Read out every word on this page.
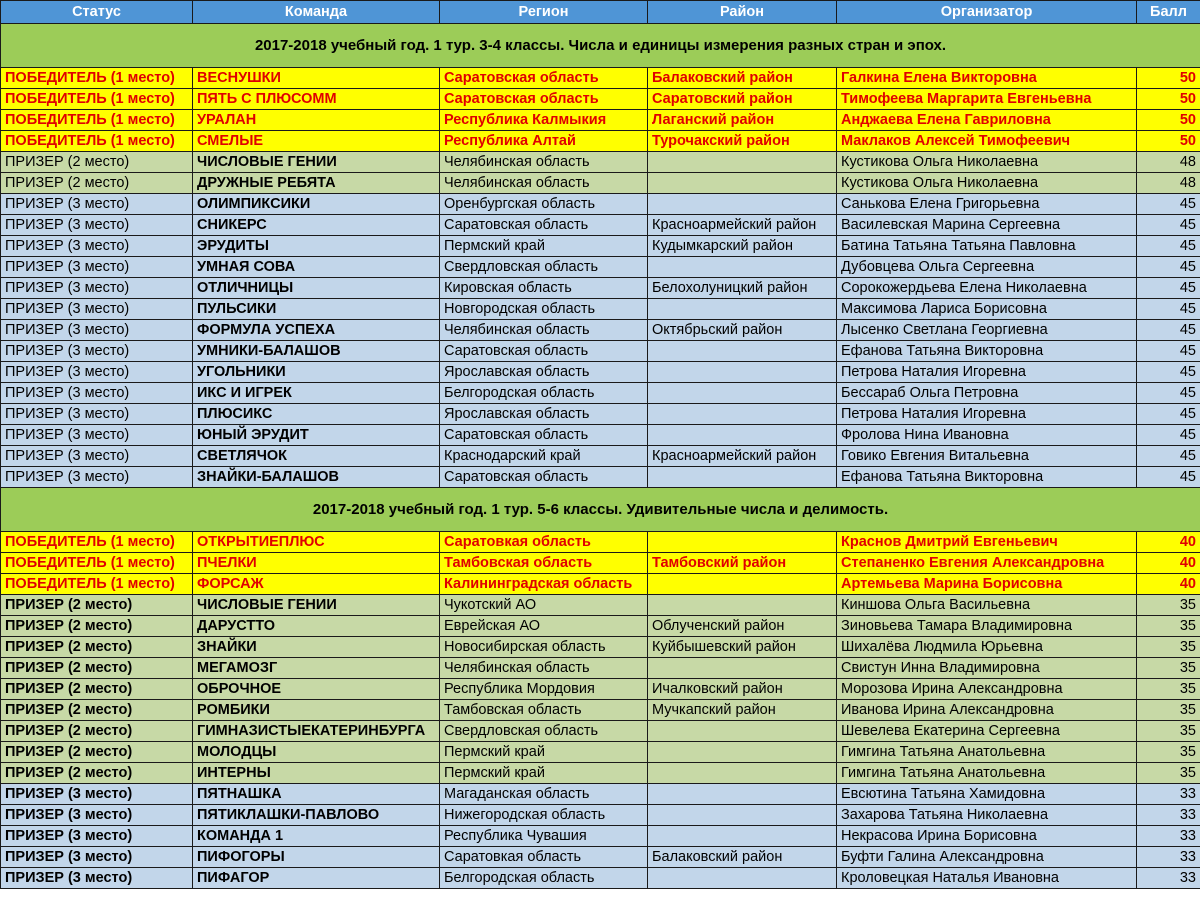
Статус	Команда	Регион	Район	Организатор	Балл
2017-2018 учебный год. 1 тур. 3-4 классы. Числа и единицы измерения разных стран и эпох.					
ПОБЕДИТЕЛЬ (1 место)	ВЕСНУШКИ	Саратовская область	Балаковский район	Галкина Елена Викторовна	50
ПОБЕДИТЕЛЬ (1 место)	ПЯТЬ С ПЛЮСОММ	Саратовская область	Саратовский район	Тимофеева Маргарита Евгеньевна	50
ПОБЕДИТЕЛЬ (1 место)	УРАЛАН	Республика Калмыкия	Лаганский район	Анджаева Елена Гавриловна	50
ПОБЕДИТЕЛЬ (1 место)	СМЕЛЫЕ	Республика Алтай	Турочакский район	Маклаков Алексей Тимофеевич	50
ПРИЗЕР (2 место)	ЧИСЛОВЫЕ ГЕНИИ	Челябинская область		Кустикова Ольга Николаевна	48
ПРИЗЕР (2 место)	ДРУЖНЫЕ РЕБЯТА	Челябинская область		Кустикова Ольга Николаевна	48
ПРИЗЕР (3 место)	ОЛИМПИКСИКИ	Оренбургская область		Санькова Елена Григорьевна	45
ПРИЗЕР (3 место)	СНИКЕРС	Саратовская область	Красноармейский район	Василевская Марина Сергеевна	45
ПРИЗЕР (3 место)	ЭРУДИТЫ	Пермский край	Кудымкарский район	Батина Татьяна Татьяна Павловна	45
ПРИЗЕР (3 место)	УМНАЯ СОВА	Свердловская область		Дубовцева Ольга Сергеевна	45
ПРИЗЕР (3 место)	ОТЛИЧНИЦЫ	Кировская область	Белохолуницкий район	Сорокожердьева Елена Николаевна	45
ПРИЗЕР (3 место)	ПУЛЬСИКИ	Новгородская область		Максимова Лариса Борисовна	45
ПРИЗЕР (3 место)	ФОРМУЛА УСПЕХА	Челябинская область	Октябрьский район	Лысенко Светлана Георгиевна	45
ПРИЗЕР (3 место)	УМНИКИ-БАЛАШОВ	Саратовская область		Ефанова Татьяна Викторовна	45
ПРИЗЕР (3 место)	УГОЛЬНИКИ	Ярославская область		Петрова Наталия Игоревна	45
ПРИЗЕР (3 место)	ИКС И ИГРЕК	Белгородская область		Бессараб Ольга Петровна	45
ПРИЗЕР (3 место)	ПЛЮСИКС	Ярославская область		Петрова Наталия Игоревна	45
ПРИЗЕР (3 место)	ЮНЫЙ ЭРУДИТ	Саратовская область		Фролова Нина Ивановна	45
ПРИЗЕР (3 место)	СВЕТЛЯЧОК	Краснодарский край	Красноармейский район	Говико Евгения Витальевна	45
ПРИЗЕР (3 место)	ЗНАЙКИ-БАЛАШОВ	Саратовская область		Ефанова Татьяна Викторовна	45
2017-2018 учебный год. 1 тур. 5-6 классы. Удивительные числа и делимость.					
ПОБЕДИТЕЛЬ (1 место)	ОТКРЫТИЕПЛЮС	Саратовкая область		Краснов Дмитрий Евгеньевич	40
ПОБЕДИТЕЛЬ (1 место)	ПЧЕЛКИ	Тамбовская область	Тамбовский район	Степаненко Евгения Александровна	40
ПОБЕДИТЕЛЬ (1 место)	ФОРСАЖ	Калининградская область		Артемьева Марина Борисовна	40
ПРИЗЕР (2 место)	ЧИСЛОВЫЕ ГЕНИИ	Чукотский АО		Киншова Ольга Васильевна	35
ПРИЗЕР (2 место)	ДАРУСТТО	Еврейская АО	Облученский район	Зиновьева Тамара Владимировна	35
ПРИЗЕР (2 место)	ЗНАЙКИ	Новосибирская область	Куйбышевский район	Шихалёва Людмила Юрьевна	35
ПРИЗЕР (2 место)	МЕГАМОЗГ	Челябинская область		Свистун Инна Владимировна	35
ПРИЗЕР (2 место)	ОБРОЧНОЕ	Республика Мордовия	Ичалковский район	Морозова Ирина Александровна	35
ПРИЗЕР (2 место)	РОМБИКИ	Тамбовская область	Мучкапский район	Иванова Ирина Александровна	35
ПРИЗЕР (2 место)	ГИМНАЗИСТЫЕКАТЕРИНБУРГА	Свердловская область		Шевелева Екатерина Сергеевна	35
ПРИЗЕР (2 место)	МОЛОДЦЫ	Пермский край		Гимгина Татьяна Анатольевна	35
ПРИЗЕР (2 место)	ИНТЕРНЫ	Пермский край		Гимгина Татьяна Анатольевна	35
ПРИЗЕР (3 место)	ПЯТНАШКА	Магаданская область		Евсютина Татьяна Хамидовна	33
ПРИЗЕР (3 место)	ПЯТИКЛАШКИ-ПАВЛОВО	Нижегородская область		Захарова Татьяна Николаевна	33
ПРИЗЕР (3 место)	КОМАНДА 1	Республика Чувашия		Некрасова Ирина Борисовна	33
ПРИЗЕР (3 место)	ПИФОГОРЫ	Саратовкая область	Балаковский район	Буфти Галина Александровна	33
ПРИЗЕР (3 место)	ПИФАГОР	Белгородская область		Кроловецкая Наталья Ивановна	33
